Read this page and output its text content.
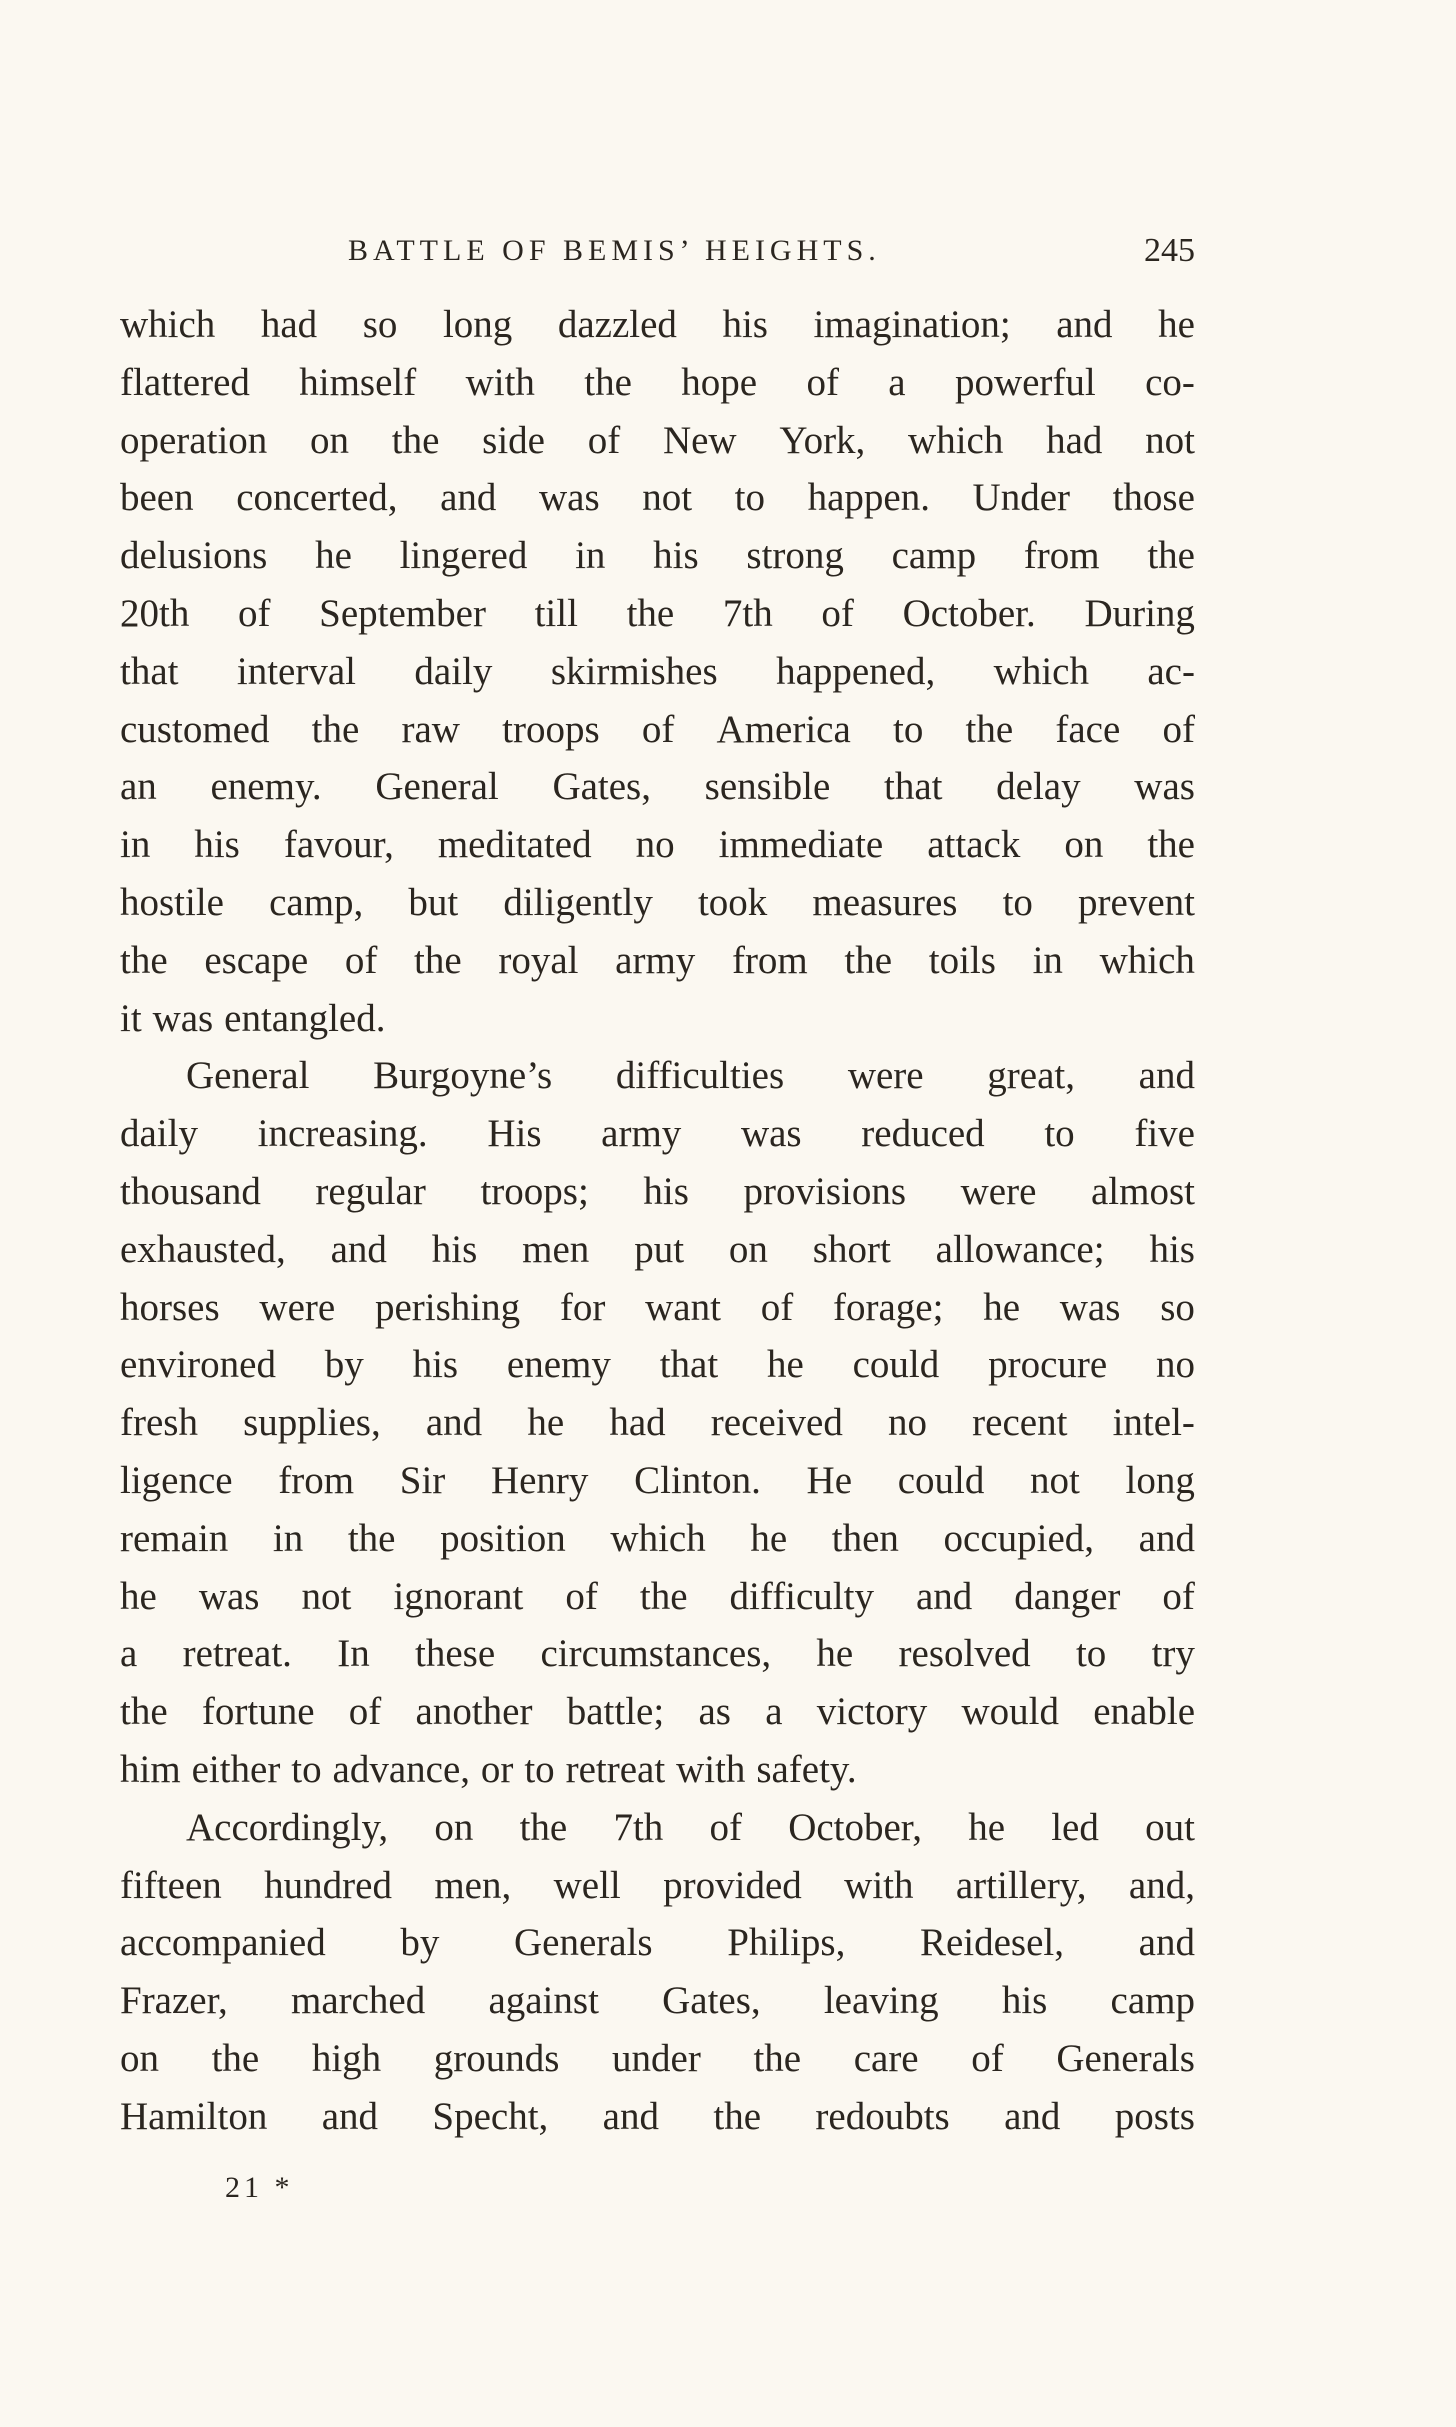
BATTLE OF BEMIS’ HEIGHTS.	245
which had so long dazzled his imagination; and he
flattered himself with the hope of a powerful co-
operation on the side of New York, which had not
been concerted, and was not to happen. Under those
delusions he lingered in his strong camp from the
20th of September till the 7th of October. During
that interval daily skirmishes happened, which ac-
customed the raw troops of America to the face of
an enemy. General Gates, sensible that delay was
in his favour, meditated no immediate attack on the
hostile camp, but diligently took measures to prevent
the escape of the royal army from the toils in which
it was entangled.
General Burgoyne’s difficulties were great, and
daily increasing. His army was reduced to five
thousand regular troops; his provisions were almost
exhausted, and his men put on short allowance; his
horses were perishing for want of forage; he was so
environed by his enemy that he could procure no
fresh supplies, and he had received no recent intel-
ligence from Sir Henry Clinton. He could not long
remain in the position which he then occupied, and
he was not ignorant of the difficulty and danger of
a retreat. In these circumstances, he resolved to try
the fortune of another battle; as a victory would enable
him either to advance, or to retreat with safety.
Accordingly, on the 7th of October, he led out
fifteen hundred men, well provided with artillery, and,
accompanied by Generals Philips, Reidesel, and
Frazer, marched against Gates, leaving his camp
on the high grounds under the care of Generals
Hamilton and Specht, and the redoubts and posts
21 *
